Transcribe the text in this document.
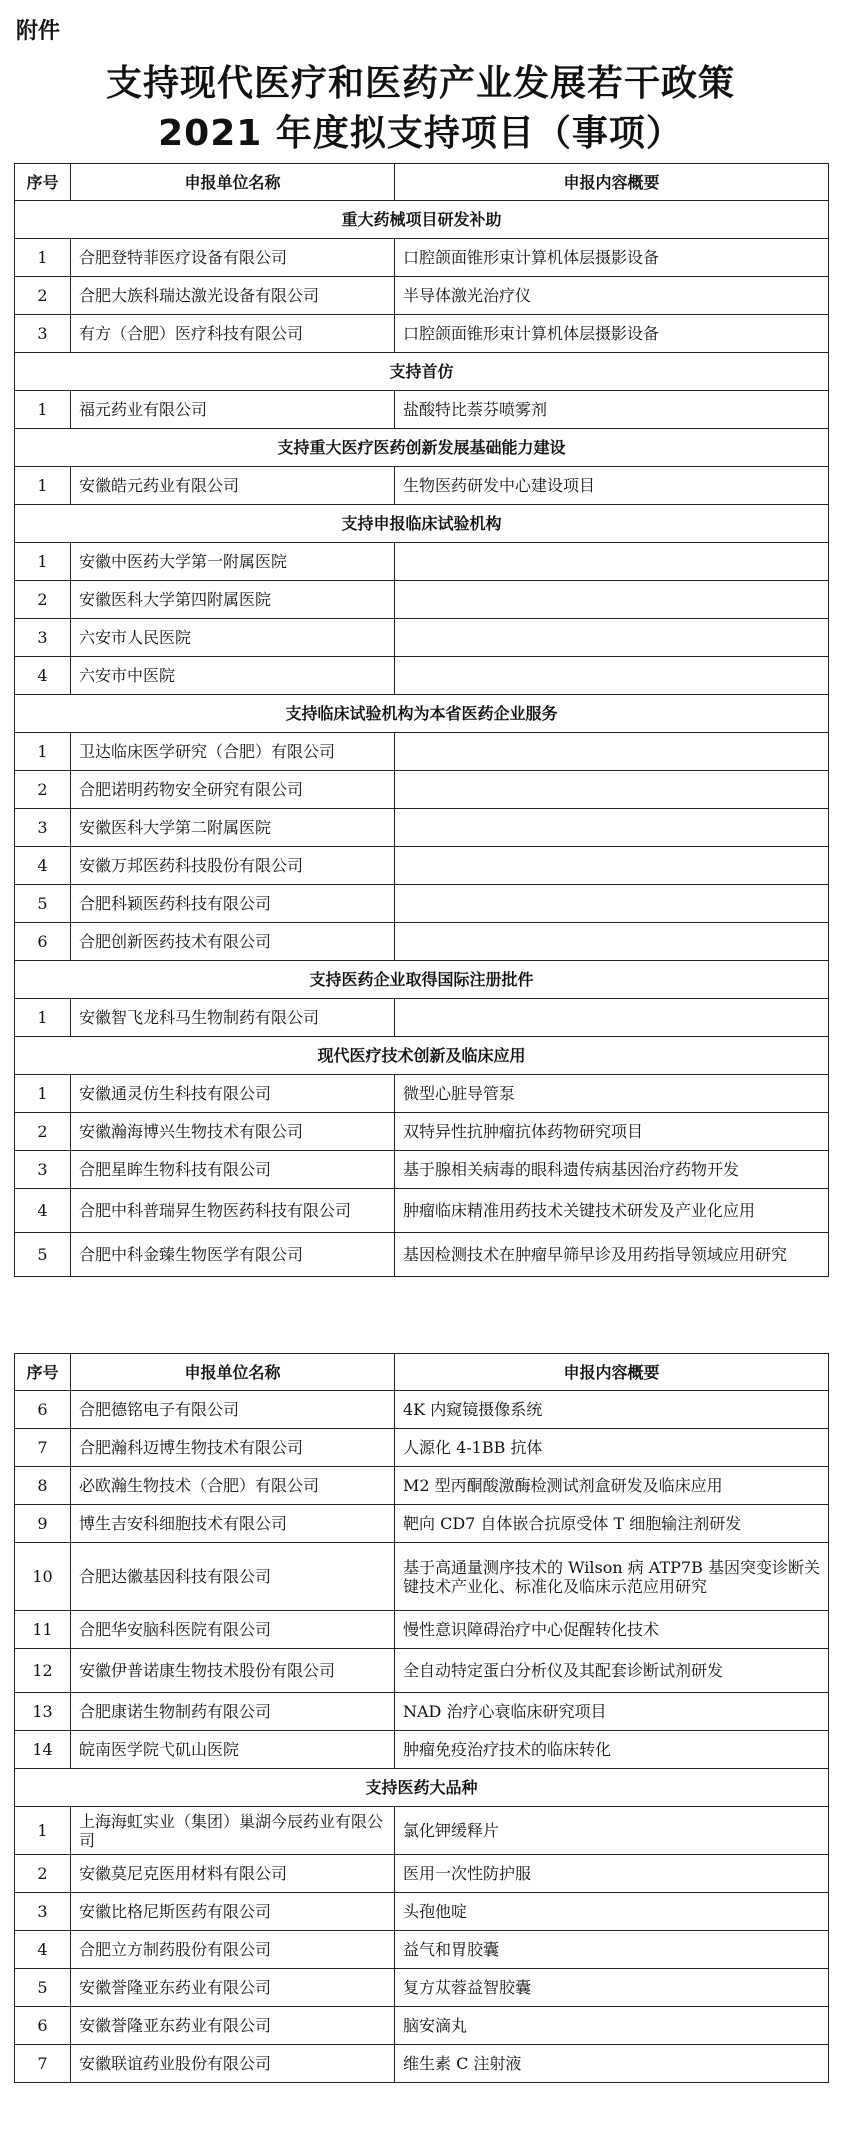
附件
支持现代医疗和医药产业发展若干政策
2021 年度拟支持项目（事项）
序号	申报单位名称	申报内容概要
重大药械项目研发补助		
1	合肥登特菲医疗设备有限公司	口腔颌面锥形束计算机体层摄影设备
2	合肥大族科瑞达激光设备有限公司	半导体激光治疗仪
3	有方（合肥）医疗科技有限公司	口腔颌面锥形束计算机体层摄影设备
支持首仿		
1	福元药业有限公司	盐酸特比萘芬喷雾剂
支持重大医疗医药创新发展基础能力建设		
1	安徽皓元药业有限公司	生物医药研发中心建设项目
支持申报临床试验机构		
1	安徽中医药大学第一附属医院	
2	安徽医科大学第四附属医院	
3	六安市人民医院	
4	六安市中医院	
支持临床试验机构为本省医药企业服务		
1	卫达临床医学研究（合肥）有限公司	
2	合肥诺明药物安全研究有限公司	
3	安徽医科大学第二附属医院	
4	安徽万邦医药科技股份有限公司	
5	合肥科颖医药科技有限公司	
6	合肥创新医药技术有限公司	
支持医药企业取得国际注册批件		
1	安徽智飞龙科马生物制药有限公司	
现代医疗技术创新及临床应用		
1	安徽通灵仿生科技有限公司	微型心脏导管泵
2	安徽瀚海博兴生物技术有限公司	双特异性抗肿瘤抗体药物研究项目
3	合肥星眸生物科技有限公司	基于腺相关病毒的眼科遗传病基因治疗药物开发
4	合肥中科普瑞昇生物医药科技有限公司	肿瘤临床精准用药技术关键技术研发及产业化应用
5	合肥中科金臻生物医学有限公司	基因检测技术在肿瘤早筛早诊及用药指导领域应用研究
序号	申报单位名称	申报内容概要
6	合肥德铭电子有限公司	4K 内窥镜摄像系统
7	合肥瀚科迈博生物技术有限公司	人源化 4-1BB 抗体
8	必欧瀚生物技术（合肥）有限公司	M2 型丙酮酸激酶检测试剂盒研发及临床应用
9	博生吉安科细胞技术有限公司	靶向 CD7 自体嵌合抗原受体 T 细胞输注剂研发
10	合肥达徽基因科技有限公司	基于高通量测序技术的 Wilson 病 ATP7B 基因突变诊断关键技术产业化、标准化及临床示范应用研究
11	合肥华安脑科医院有限公司	慢性意识障碍治疗中心促醒转化技术
12	安徽伊普诺康生物技术股份有限公司	全自动特定蛋白分析仪及其配套诊断试剂研发
13	合肥康诺生物制药有限公司	NAD 治疗心衰临床研究项目
14	皖南医学院弋矶山医院	肿瘤免疫治疗技术的临床转化
支持医药大品种		
1	上海海虹实业（集团）巢湖今辰药业有限公司	氯化钾缓释片
2	安徽莫尼克医用材料有限公司	医用一次性防护服
3	安徽比格尼斯医药有限公司	头孢他啶
4	合肥立方制药股份有限公司	益气和胃胶囊
5	安徽誉隆亚东药业有限公司	复方苁蓉益智胶囊
6	安徽誉隆亚东药业有限公司	脑安滴丸
7	安徽联谊药业股份有限公司	维生素 C 注射液
